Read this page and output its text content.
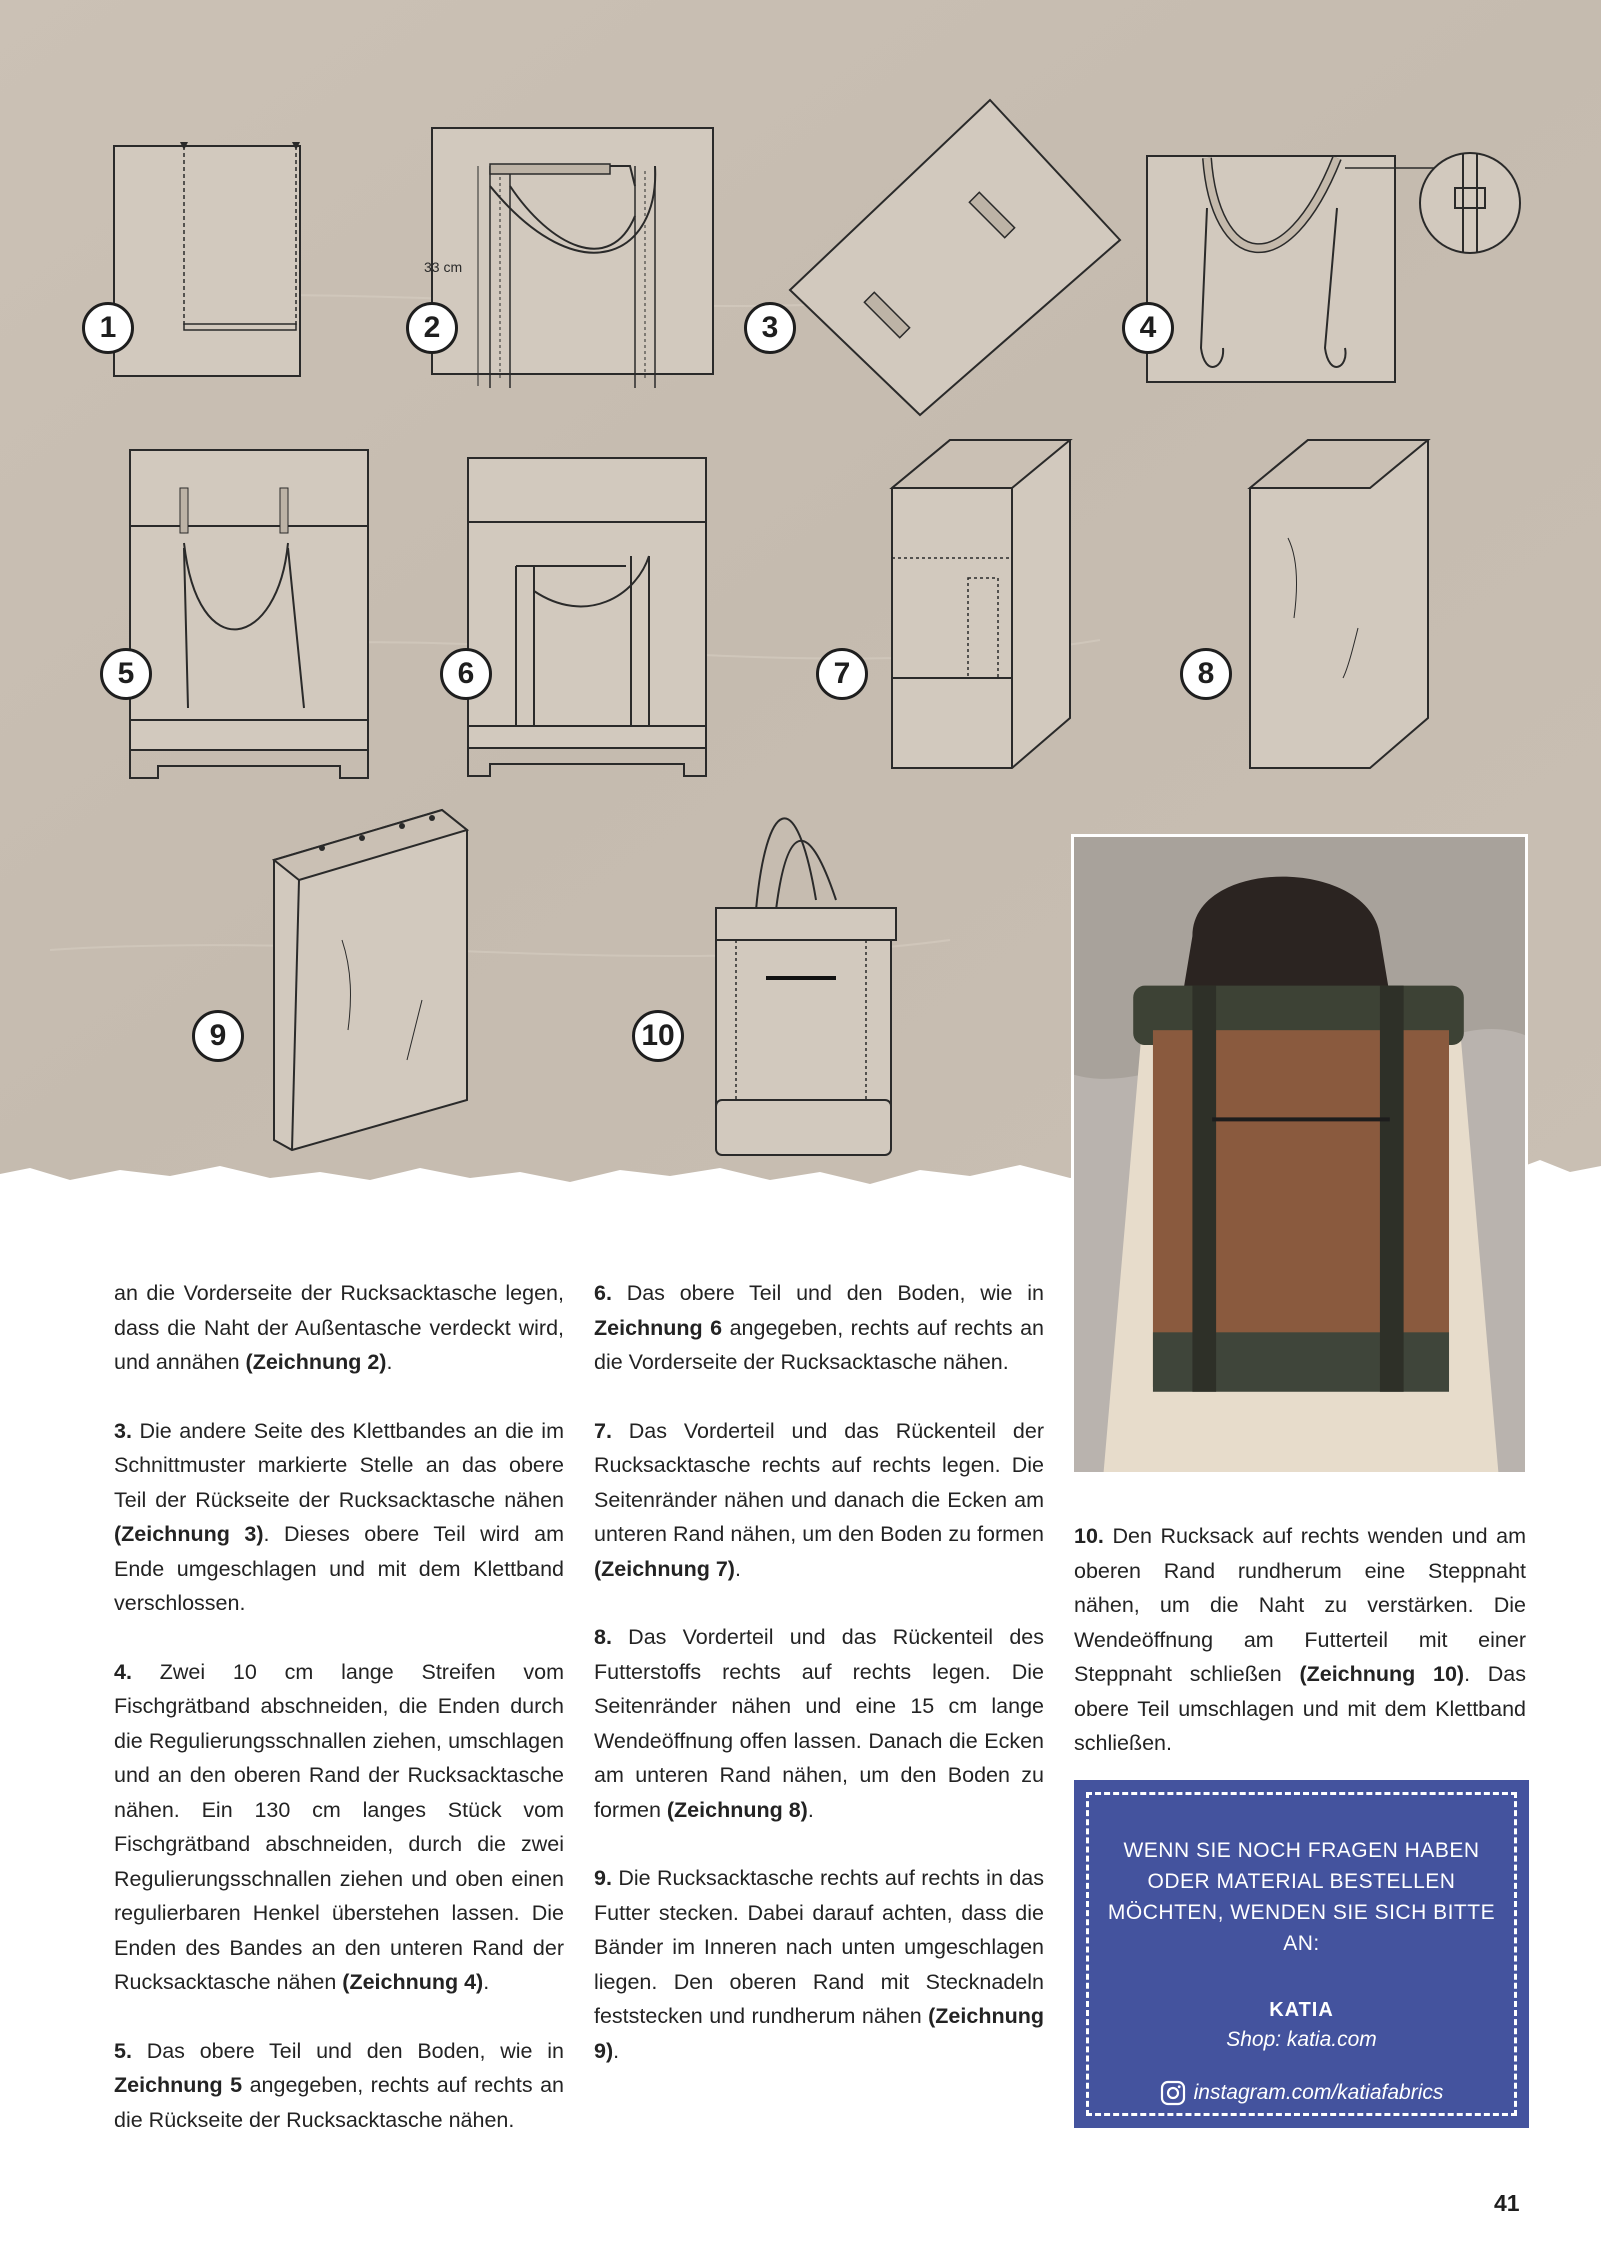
1
33 cm
2	3	4
5	6	7	8
9	10

an die Vorderseite der Rucksacktasche legen, dass die Naht der Außentasche verdeckt wird, und annähen (Zeichnung 2).

3. Die andere Seite des Klettbandes an die im Schnittmuster markierte Stelle an das obere Teil der Rückseite der Rucksacktasche nähen (Zeichnung 3). Dieses obere Teil wird am Ende umgeschlagen und mit dem Klettband verschlossen.

4. Zwei 10 cm lange Streifen vom Fischgrätband abschneiden, die Enden durch die Regulierungsschnallen ziehen, umschlagen und an den oberen Rand der Rucksacktasche nähen. Ein 130 cm langes Stück vom Fischgrätband abschneiden, durch die zwei Regulierungsschnallen ziehen und oben einen regulierbaren Henkel überstehen lassen. Die Enden des Bandes an den unteren Rand der Rucksacktasche nähen (Zeichnung 4).

5. Das obere Teil und den Boden, wie in Zeichnung 5 angegeben, rechts auf rechts an die Rückseite der Rucksacktasche nähen.

6. Das obere Teil und den Boden, wie in Zeichnung 6 angegeben, rechts auf rechts an die Vorderseite der Rucksacktasche nähen.

7. Das Vorderteil und das Rückenteil der Rucksacktasche rechts auf rechts legen. Die Seitenränder nähen und danach die Ecken am unteren Rand nähen, um den Boden zu formen (Zeichnung 7).

8. Das Vorderteil und das Rückenteil des Futterstoffs rechts auf rechts legen. Die Seitenränder nähen und eine 15 cm lange Wendeöffnung offen lassen. Danach die Ecken am unteren Rand nähen, um den Boden zu formen (Zeichnung 8).

9. Die Rucksacktasche rechts auf rechts in das Futter stecken. Dabei darauf achten, dass die Bänder im Inneren nach unten umgeschlagen liegen. Den oberen Rand mit Stecknadeln feststecken und rundherum nähen (Zeichnung 9).

10. Den Rucksack auf rechts wenden und am oberen Rand rundherum eine Steppnaht nähen, um die Naht zu verstärken. Die Wendeöffnung am Futterteil mit einer Steppnaht schließen (Zeichnung 10). Das obere Teil umschlagen und mit dem Klettband schließen.

WENN SIE NOCH FRAGEN HABEN ODER MATERIAL BESTELLEN MÖCHTEN, WENDEN SIE SICH BITTE AN:
KATIA
Shop: katia.com
instagram.com/katiafabrics
41
